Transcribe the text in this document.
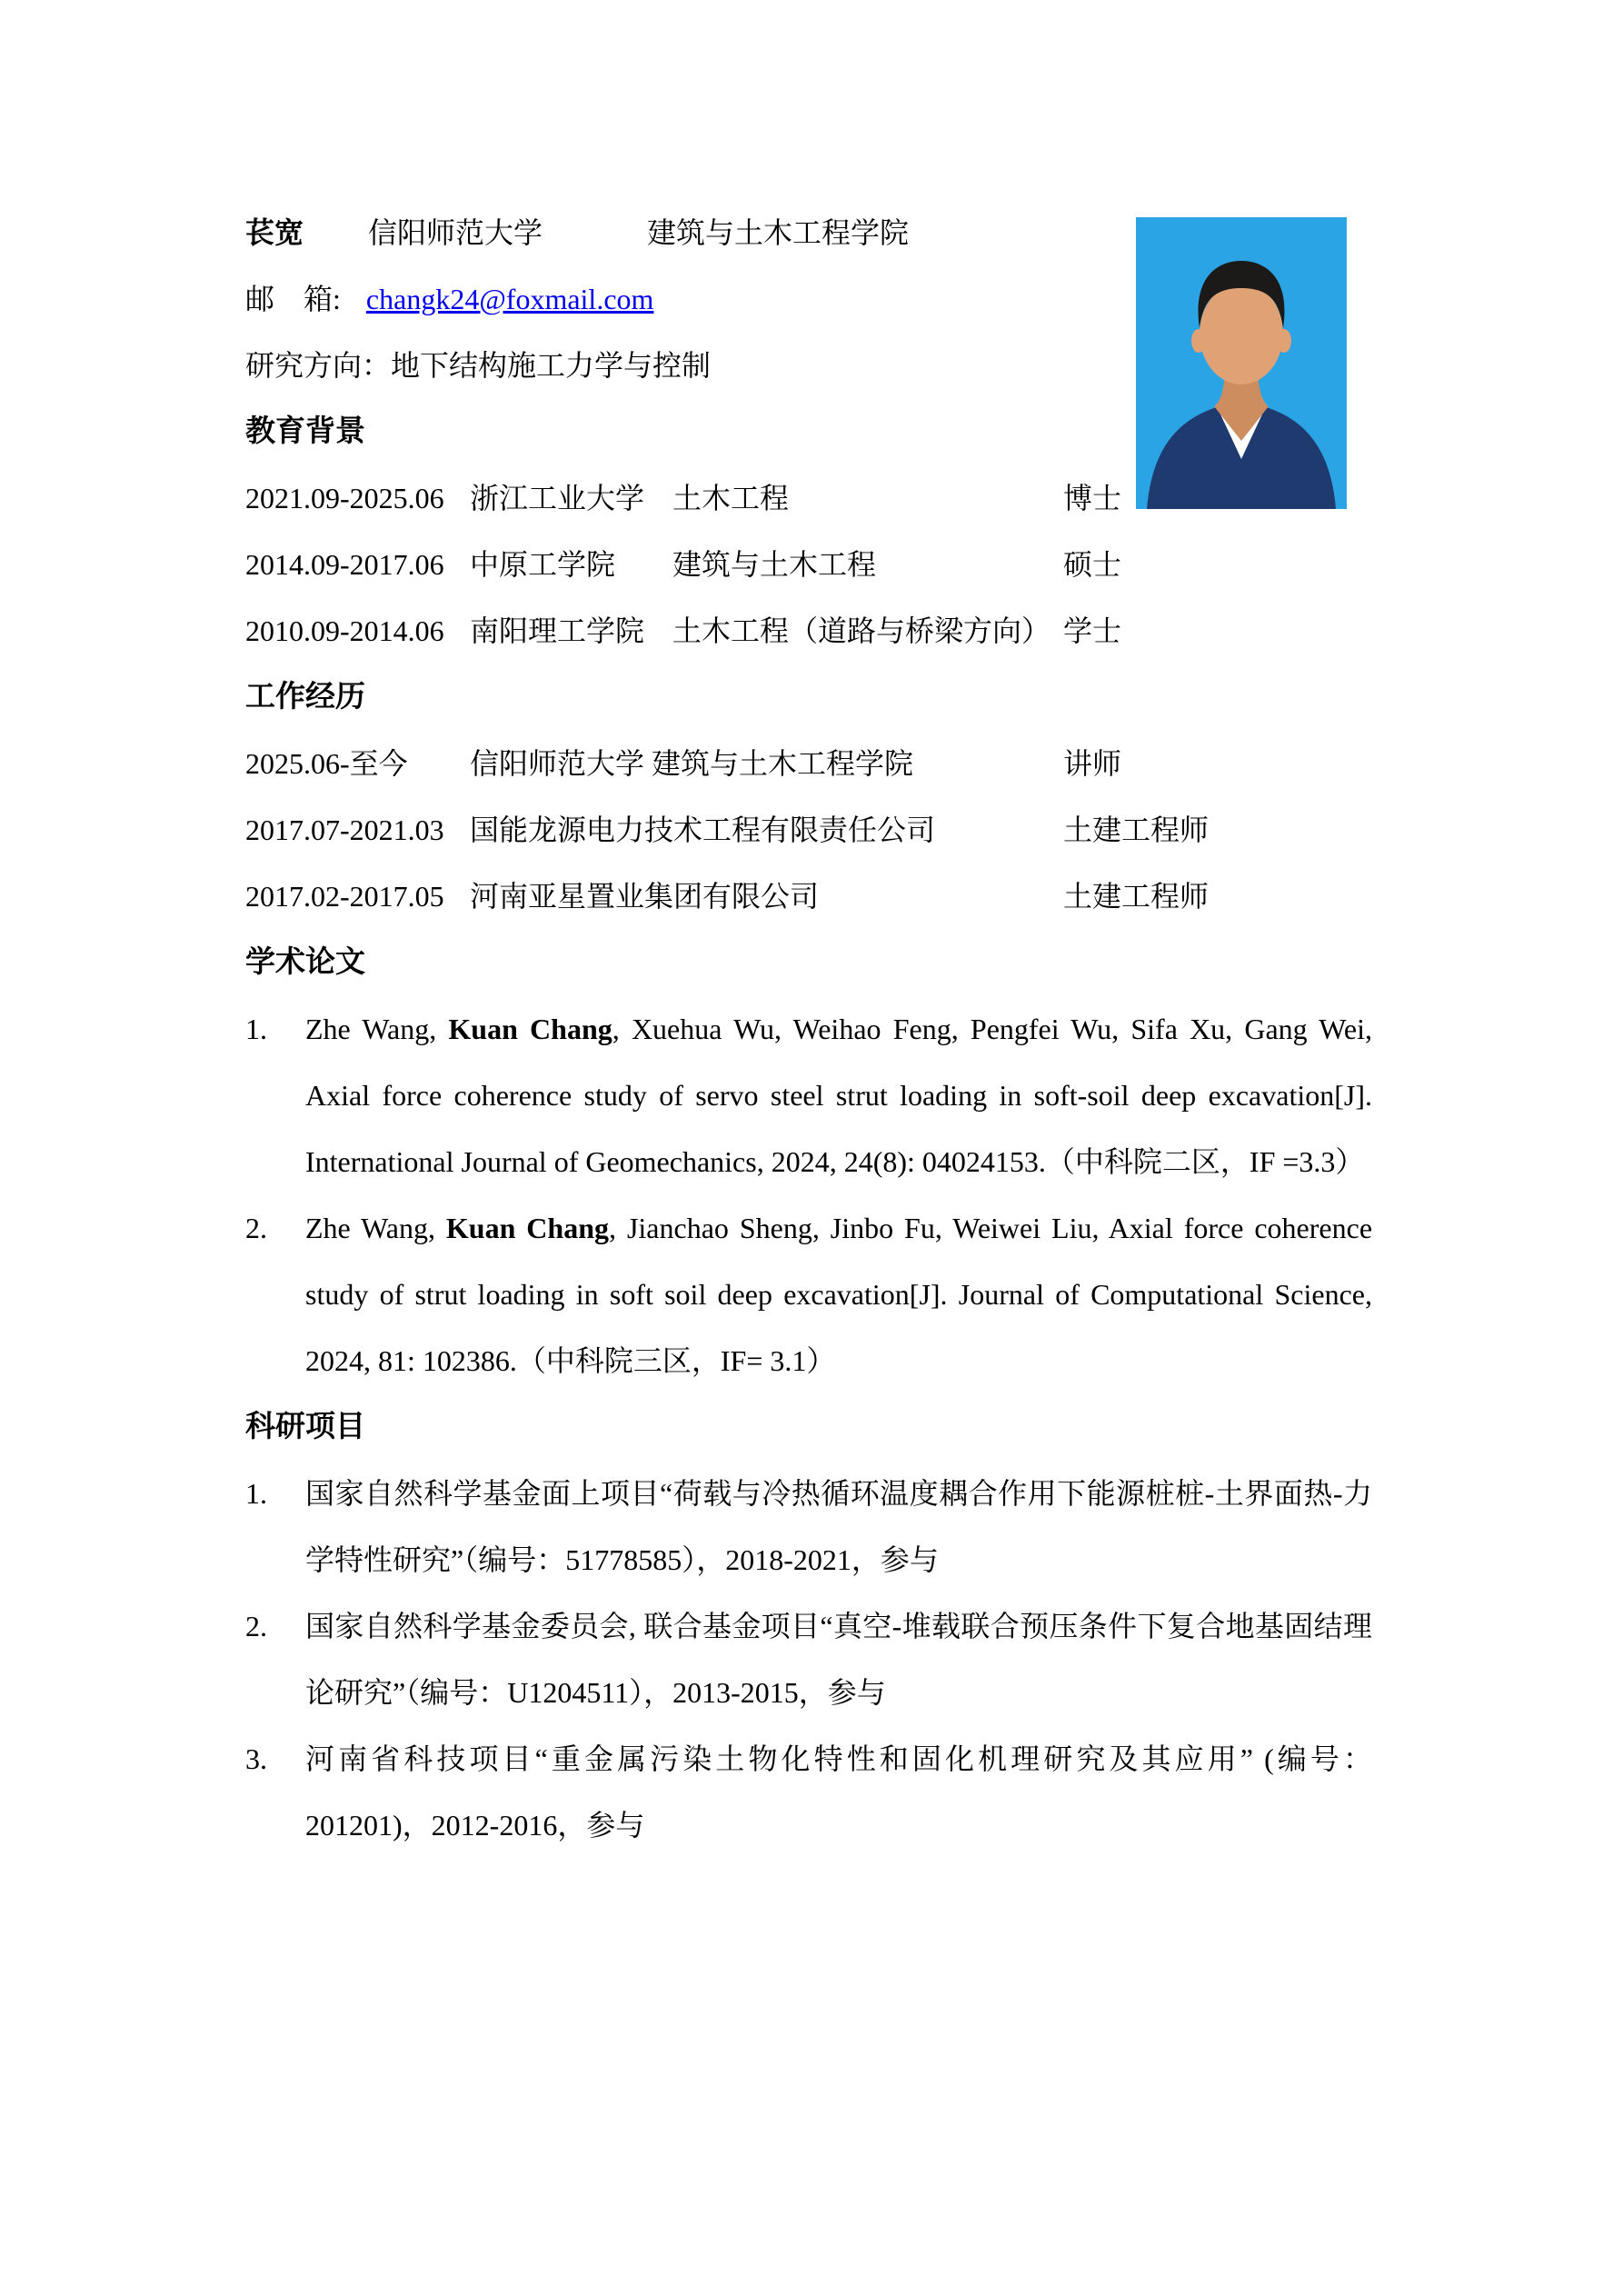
苌宽 信阳师范大学	建筑与土木工程学院
邮　箱: changk24@foxmail.com
研究方向：地下结构施工力学与控制
教育背景
2021.09-2025.06 浙江工业大学 土木工程	博士
2014.09-2017.06 中原工学院	建筑与土木工程	硕士
2010.09-2014.06 南阳理工学院 土木工程（道路与桥梁方向） 学士
工作经历
2025.06-至今	信阳师范大学 建筑与土木工程学院	讲师
2017.07-2021.03 国能龙源电力技术工程有限责任公司	土建工程师
2017.02-2017.05 河南亚星置业集团有限公司	土建工程师
学术论文
1.	Zhe Wang, Kuan Chang, Xuehua Wu, Weihao Feng, Pengfei Wu, Sifa Xu, Gang Wei, Axial force coherence study of servo steel strut loading in soft-soil deep excavation[J]. International Journal of Geomechanics, 2024, 24(8): 04024153.（中科院二区，IF =3.3）
2.	Zhe Wang, Kuan Chang, Jianchao Sheng, Jinbo Fu, Weiwei Liu, Axial force coherence study of strut loading in soft soil deep excavation[J]. Journal of Computational Science, 2024, 81: 102386.（中科院三区，IF= 3.1）
科研项目
1.	国家自然科学基金面上项目“荷载与冷热循环温度耦合作用下能源桩桩-土界面热-力学特性研究”（编号：51778585），2018-2021，参与
2.	国家自然科学基金委员会, 联合基金项目“真空-堆载联合预压条件下复合地基固结理论研究”（编号：U1204511），2013-2015，参与
3.	河南省科技项目“重金属污染土物化特性和固化机理研究及其应用” (编号：201201)，2012-2016，参与
